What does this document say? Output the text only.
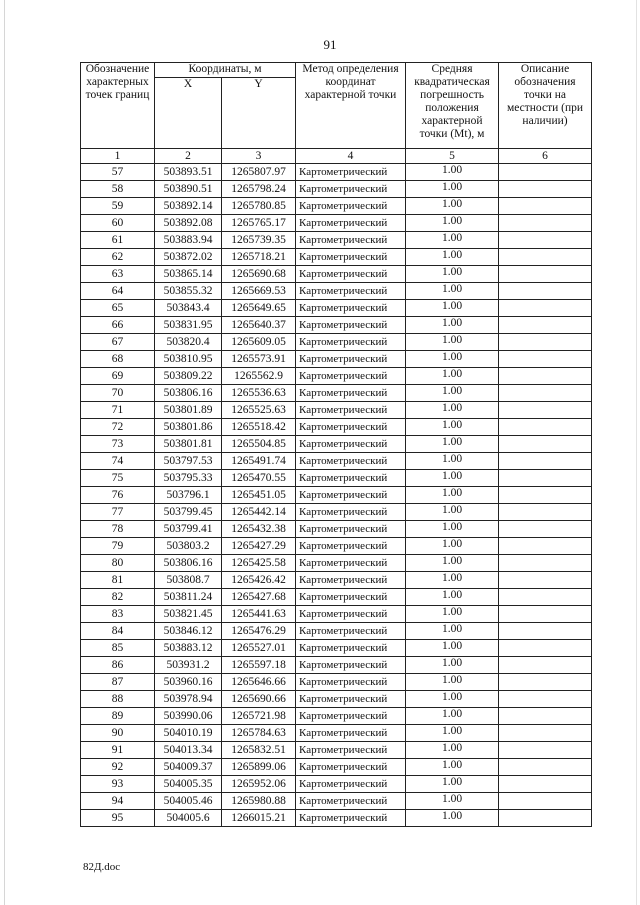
91
Обозначение характерных точек границ	Координаты, м		Метод определения координат характерной точки	Средняя квадратическая погрешность положения характерной точки (Mt), м	Описание обозначения точки на местности (при наличии)
	X	Y			
1	2	3	4	5	6
57	503893.51	1265807.97	Картометрический	1.00	
58	503890.51	1265798.24	Картометрический	1.00	
59	503892.14	1265780.85	Картометрический	1.00	
60	503892.08	1265765.17	Картометрический	1.00	
61	503883.94	1265739.35	Картометрический	1.00	
62	503872.02	1265718.21	Картометрический	1.00	
63	503865.14	1265690.68	Картометрический	1.00	
64	503855.32	1265669.53	Картометрический	1.00	
65	503843.4	1265649.65	Картометрический	1.00	
66	503831.95	1265640.37	Картометрический	1.00	
67	503820.4	1265609.05	Картометрический	1.00	
68	503810.95	1265573.91	Картометрический	1.00	
69	503809.22	1265562.9	Картометрический	1.00	
70	503806.16	1265536.63	Картометрический	1.00	
71	503801.89	1265525.63	Картометрический	1.00	
72	503801.86	1265518.42	Картометрический	1.00	
73	503801.81	1265504.85	Картометрический	1.00	
74	503797.53	1265491.74	Картометрический	1.00	
75	503795.33	1265470.55	Картометрический	1.00	
76	503796.1	1265451.05	Картометрический	1.00	
77	503799.45	1265442.14	Картометрический	1.00	
78	503799.41	1265432.38	Картометрический	1.00	
79	503803.2	1265427.29	Картометрический	1.00	
80	503806.16	1265425.58	Картометрический	1.00	
81	503808.7	1265426.42	Картометрический	1.00	
82	503811.24	1265427.68	Картометрический	1.00	
83	503821.45	1265441.63	Картометрический	1.00	
84	503846.12	1265476.29	Картометрический	1.00	
85	503883.12	1265527.01	Картометрический	1.00	
86	503931.2	1265597.18	Картометрический	1.00	
87	503960.16	1265646.66	Картометрический	1.00	
88	503978.94	1265690.66	Картометрический	1.00	
89	503990.06	1265721.98	Картометрический	1.00	
90	504010.19	1265784.63	Картометрический	1.00	
91	504013.34	1265832.51	Картометрический	1.00	
92	504009.37	1265899.06	Картометрический	1.00	
93	504005.35	1265952.06	Картометрический	1.00	
94	504005.46	1265980.88	Картометрический	1.00	
95	504005.6	1266015.21	Картометрический	1.00	
82Д.doc
